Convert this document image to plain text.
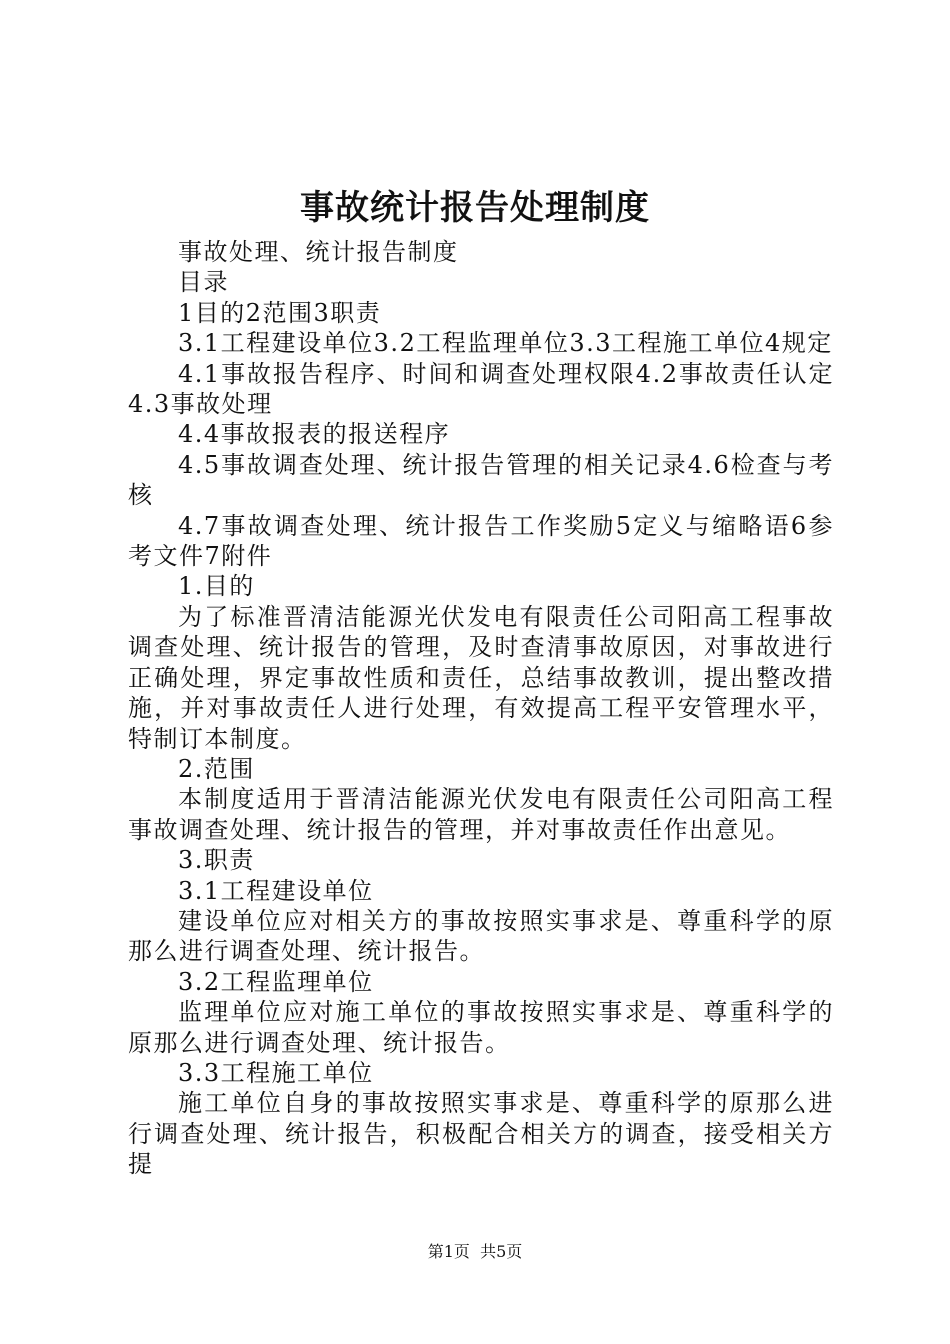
事故统计报告处理制度

事故处理、统计报告制度

目录

1目的2范围3职责

3.1工程建设单位3.2工程监理单位3.3工程施工单位4规定

4.1事故报告程序、时间和调查处理权限4.2事故责任认定4.3事故处理

4.4事故报表的报送程序

4.5事故调查处理、统计报告管理的相关记录4.6检查与考核

4.7事故调查处理、统计报告工作奖励5定义与缩略语6参考文件7附件

1.目的

为了标准晋清洁能源光伏发电有限责任公司阳高工程事故调查处理、统计报告的管理，及时查清事故原因，对事故进行正确处理，界定事故性质和责任，总结事故教训，提出整改措施，并对事故责任人进行处理，有效提高工程平安管理水平，特制订本制度。

2.范围

本制度适用于晋清洁能源光伏发电有限责任公司阳高工程事故调查处理、统计报告的管理，并对事故责任作出意见。

3.职责

3.1工程建设单位

建设单位应对相关方的事故按照实事求是、尊重科学的原那么进行调查处理、统计报告。

3.2工程监理单位

监理单位应对施工单位的事故按照实事求是、尊重科学的原那么进行调查处理、统计报告。

3.3工程施工单位

施工单位自身的事故按照实事求是、尊重科学的原那么进行调查处理、统计报告，积极配合相关方的调查，接受相关方提

第1页  共5页
